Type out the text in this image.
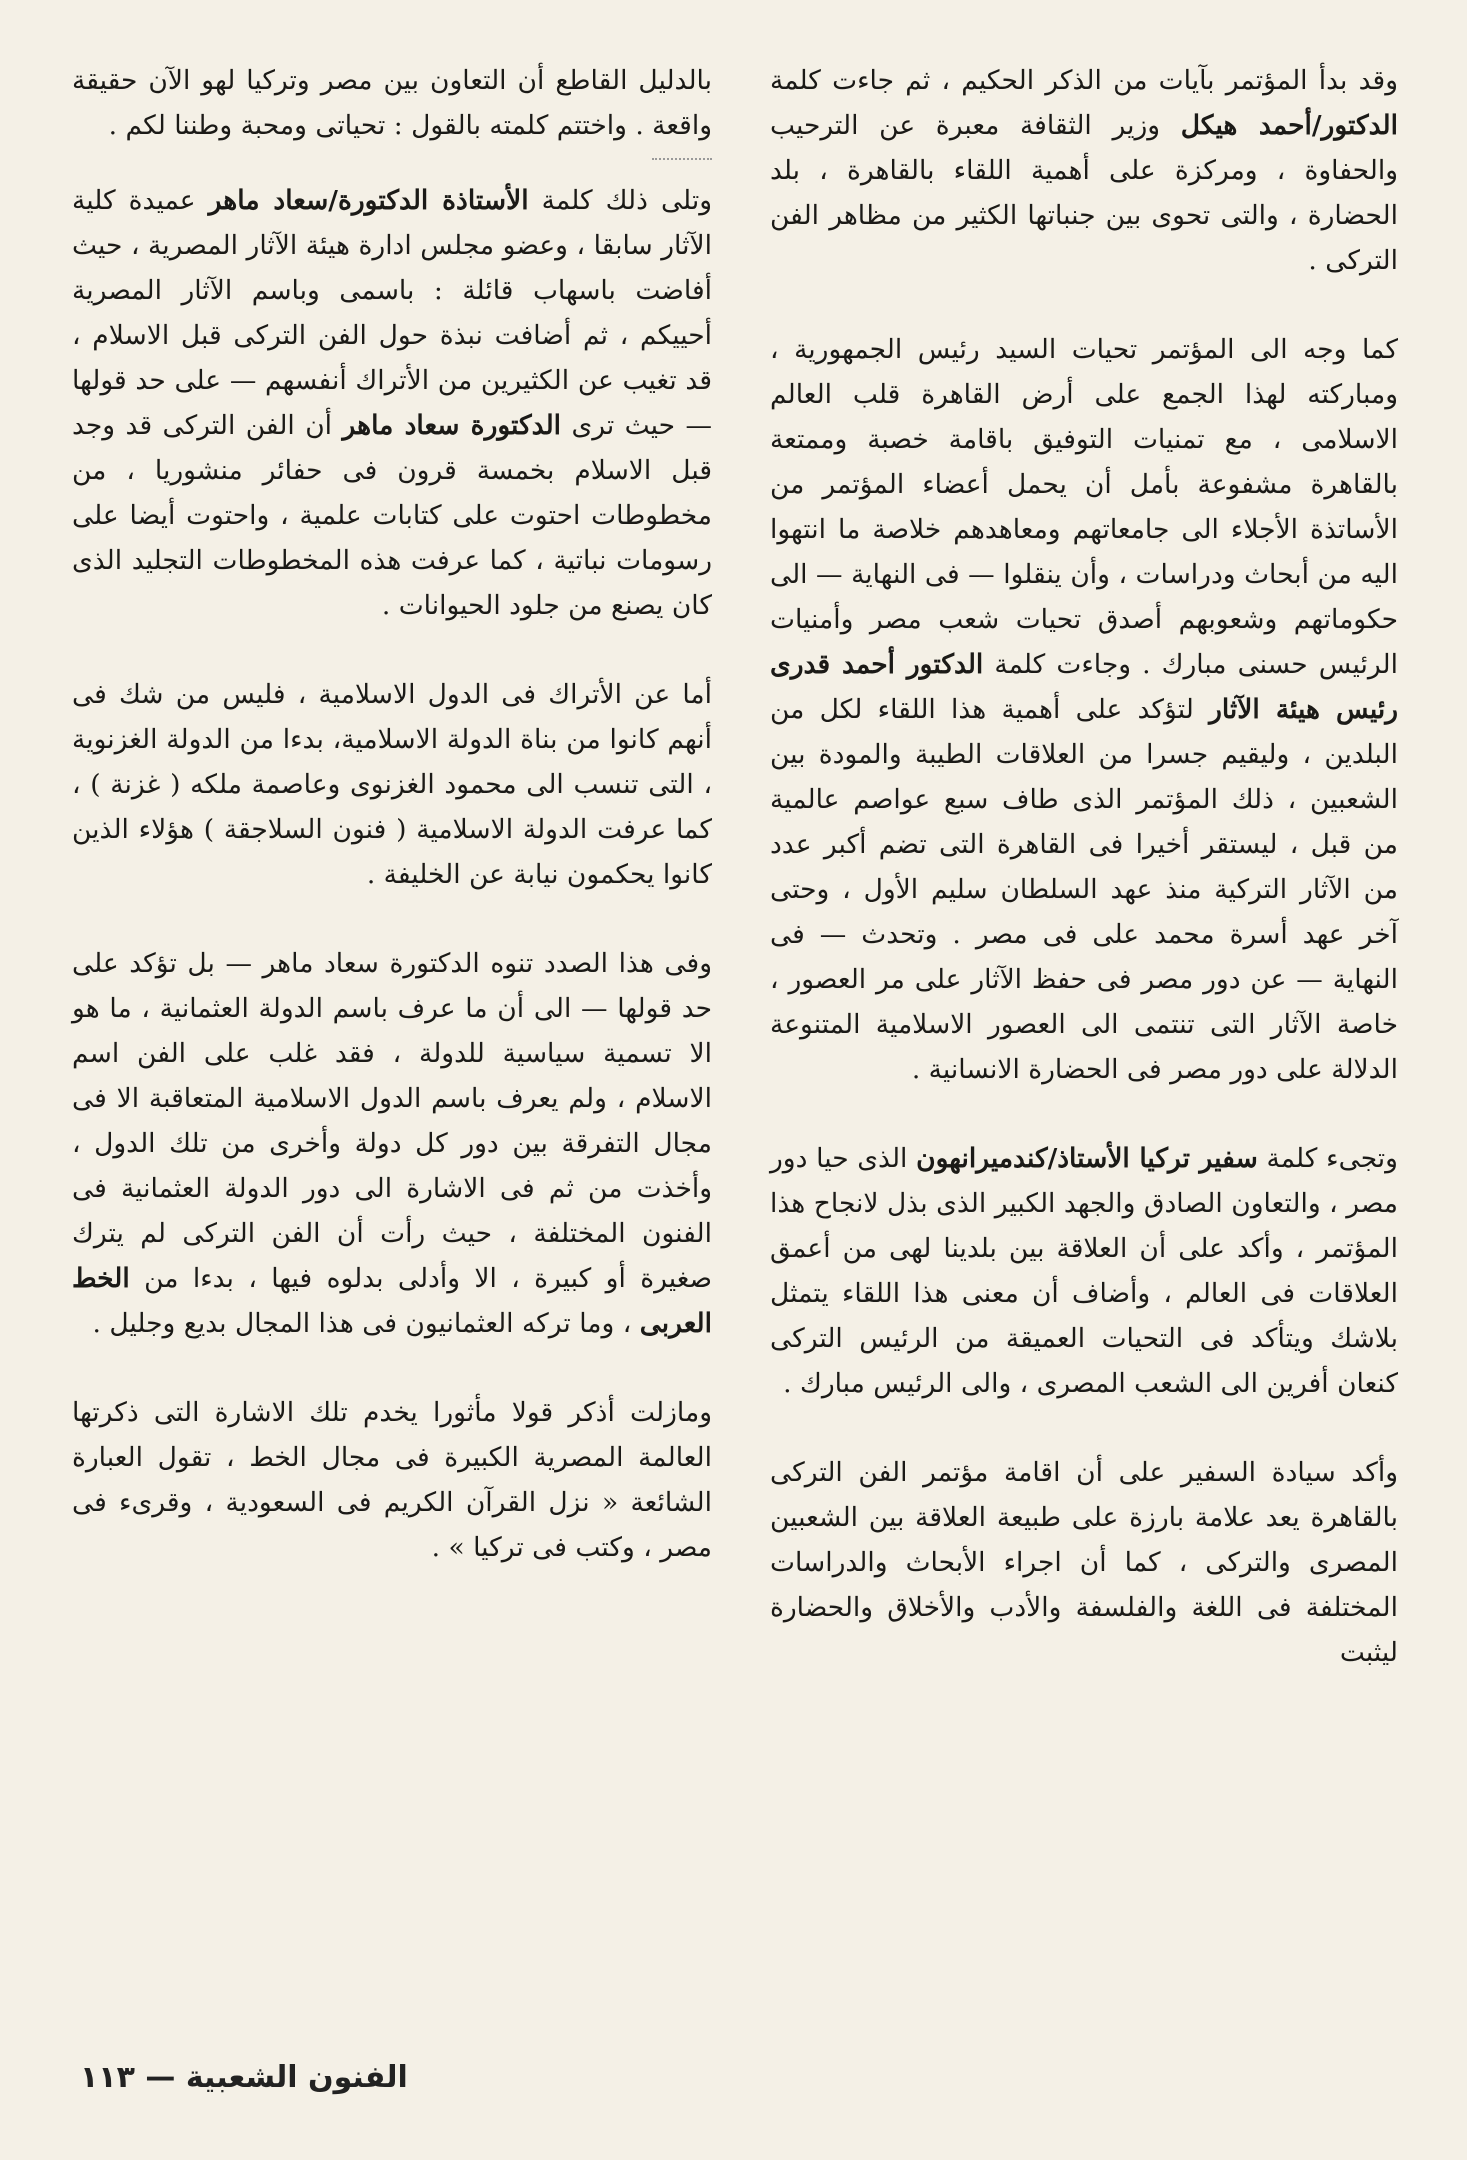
وقد بدأ المؤتمر بآيات من الذكر الحكيم ، ثم جاءت كلمة الدكتور/أحمد هيكل وزير الثقافة معبرة عن الترحيب والحفاوة ، ومركزة على أهمية اللقاء بالقاهرة ، بلد الحضارة ، والتى تحوى بين جنباتها الكثير من مظاهر الفن التركى .

كما وجه الى المؤتمر تحيات السيد رئيس الجمهورية ، ومباركته لهذا الجمع على أرض القاهرة قلب العالم الاسلامى ، مع تمنيات التوفيق باقامة خصبة وممتعة بالقاهرة مشفوعة بأمل أن يحمل أعضاء المؤتمر من الأساتذة الأجلاء الى جامعاتهم ومعاهدهم خلاصة ما انتهوا اليه من أبحاث ودراسات ، وأن ينقلوا — فى النهاية — الى حكوماتهم وشعوبهم أصدق تحيات شعب مصر وأمنيات الرئيس حسنى مبارك . وجاءت كلمة الدكتور أحمد قدرى رئيس هيئة الآثار لتؤكد على أهمية هذا اللقاء لكل من البلدين ، وليقيم جسرا من العلاقات الطيبة والمودة بين الشعبين ، ذلك المؤتمر الذى طاف سبع عواصم عالمية من قبل ، ليستقر أخيرا فى القاهرة التى تضم أكبر عدد من الآثار التركية منذ عهد السلطان سليم الأول ، وحتى آخر عهد أسرة محمد على فى مصر . وتحدث — فى النهاية — عن دور مصر فى حفظ الآثار على مر العصور ، خاصة الآثار التى تنتمى الى العصور الاسلامية المتنوعة الدلالة على دور مصر فى الحضارة الانسانية .

وتجىء كلمة سفير تركيا الأستاذ/كندميرانهون الذى حيا دور مصر ، والتعاون الصادق والجهد الكبير الذى بذل لانجاح هذا المؤتمر ، وأكد على أن العلاقة بين بلدينا لهى من أعمق العلاقات فى العالم ، وأضاف أن معنى هذا اللقاء يتمثل بلاشك ويتأكد فى التحيات العميقة من الرئيس التركى كنعان أفرين الى الشعب المصرى ، والى الرئيس مبارك .

وأكد سيادة السفير على أن اقامة مؤتمر الفن التركى بالقاهرة يعد علامة بارزة على طبيعة العلاقة بين الشعبين المصرى والتركى ، كما أن اجراء الأبحاث والدراسات المختلفة فى اللغة والفلسفة والأدب والأخلاق والحضارة ليثبت

بالدليل القاطع أن التعاون بين مصر وتركيا لهو الآن حقيقة واقعة . واختتم كلمته بالقول : تحياتى ومحبة وطننا لكم .

وتلى ذلك كلمة الأستاذة الدكتورة/سعاد ماهر عميدة كلية الآثار سابقا ، وعضو مجلس ادارة هيئة الآثار المصرية ، حيث أفاضت باسهاب قائلة : باسمى وباسم الآثار المصرية أحييكم ، ثم أضافت نبذة حول الفن التركى قبل الاسلام ، قد تغيب عن الكثيرين من الأتراك أنفسهم — على حد قولها — حيث ترى الدكتورة سعاد ماهر أن الفن التركى قد وجد قبل الاسلام بخمسة قرون فى حفائر منشوريا ، من مخطوطات احتوت على كتابات علمية ، واحتوت أيضا على رسومات نباتية ، كما عرفت هذه المخطوطات التجليد الذى كان يصنع من جلود الحيوانات .

أما عن الأتراك فى الدول الاسلامية ، فليس من شك فى أنهم كانوا من بناة الدولة الاسلامية، بدءا من الدولة الغزنوية ، التى تنسب الى محمود الغزنوى وعاصمة ملكه ( غزنة ) ، كما عرفت الدولة الاسلامية ( فنون السلاجقة ) هؤلاء الذين كانوا يحكمون نيابة عن الخليفة .

وفى هذا الصدد تنوه الدكتورة سعاد ماهر — بل تؤكد على حد قولها — الى أن ما عرف باسم الدولة العثمانية ، ما هو الا تسمية سياسية للدولة ، فقد غلب على الفن اسم الاسلام ، ولم يعرف باسم الدول الاسلامية المتعاقبة الا فى مجال التفرقة بين دور كل دولة وأخرى من تلك الدول ، وأخذت من ثم فى الاشارة الى دور الدولة العثمانية فى الفنون المختلفة ، حيث رأت أن الفن التركى لم يترك صغيرة أو كبيرة ، الا وأدلى بدلوه فيها ، بدءا من الخط العربى ، وما تركه العثمانيون فى هذا المجال بديع وجليل .

ومازلت أذكر قولا مأثورا يخدم تلك الاشارة التى ذكرتها العالمة المصرية الكبيرة فى مجال الخط ، تقول العبارة الشائعة « نزل القرآن الكريم فى السعودية ، وقرىء فى مصر ، وكتب فى تركيا » .

الفنون الشعبية — ١١٣
